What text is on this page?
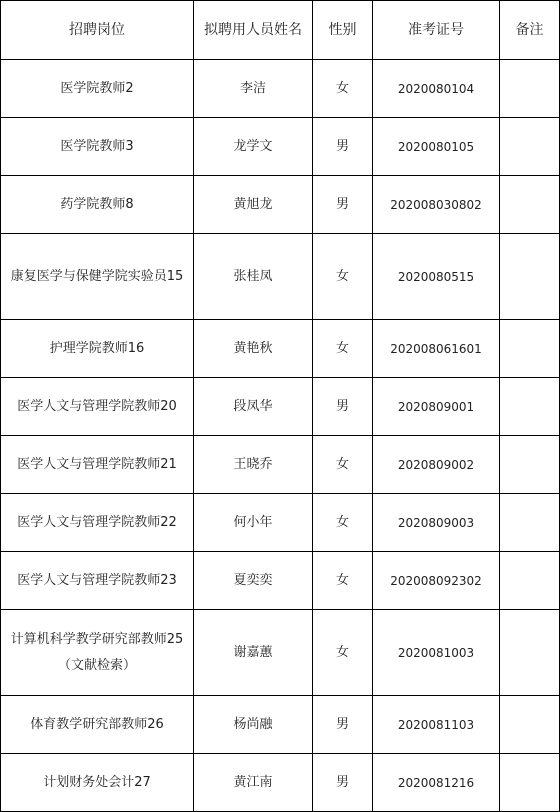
招聘岗位	拟聘用人员姓名	性别	准考证号	备注
医学院教师2	李洁	女	2020080104	
医学院教师3	龙学文	男	2020080105	
药学院教师8	黄旭龙	男	202008030802	
康复医学与保健学院实验员15	张桂凤	女	2020080515	
护理学院教师16	黄艳秋	女	202008061601	
医学人文与管理学院教师20	段凤华	男	2020809001	
医学人文与管理学院教师21	王晓乔	女	2020809002	
医学人文与管理学院教师22	何小年	女	2020809003	
医学人文与管理学院教师23	夏奕奕	女	202008092302	
计算机科学教学研究部教师25（文献检索）	谢嘉蕙	女	2020081003	
体育教学研究部教师26	杨尚融	男	2020081103	
计划财务处会计27	黄江南	男	2020081216	
